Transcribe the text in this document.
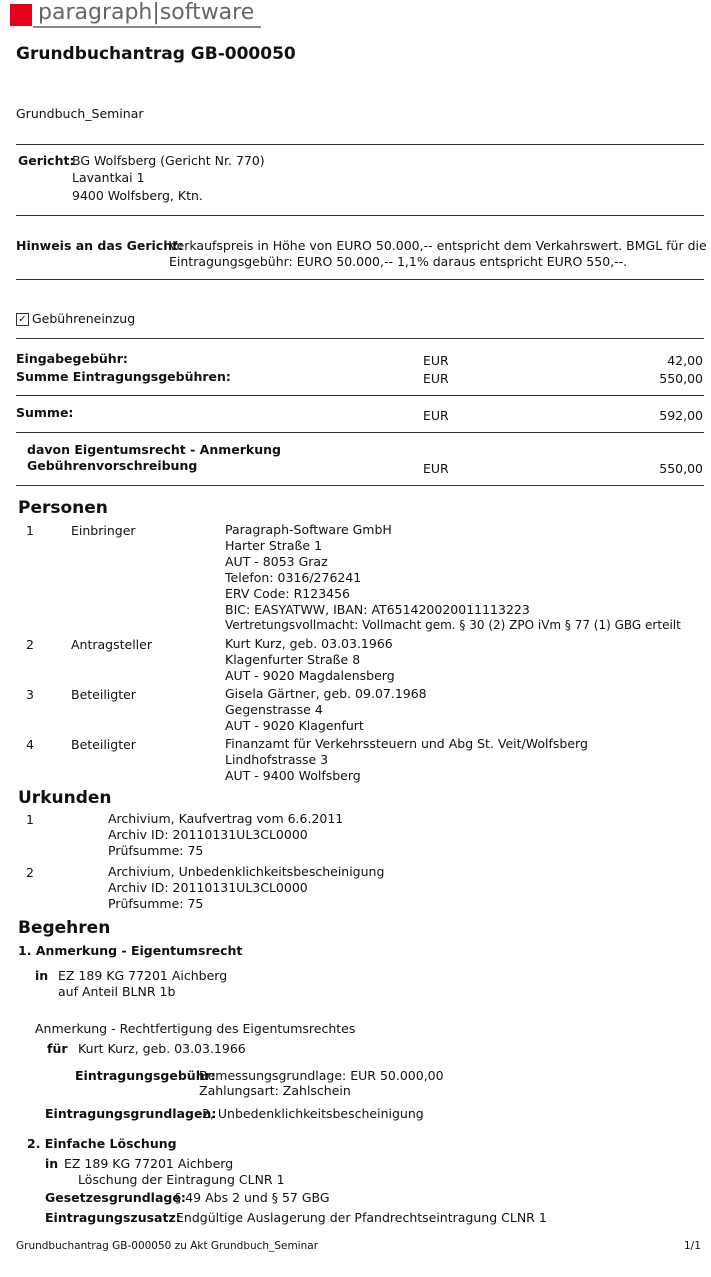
paragraph|software
Grundbuchantrag GB-000050
Grundbuch_Seminar
Gericht:
BG Wolfsberg (Gericht Nr. 770)
Lavantkai 1
9400 Wolfsberg, Ktn.
Hinweis an das Gericht:
Verkaufspreis in Höhe von EURO 50.000,-- entspricht dem Verkahrswert. BMGL für die
Eintragungsgebühr: EURO 50.000,-- 1,1% daraus entspricht EURO 550,--.
✓ Gebühreneinzug
Eingabegebühr:	EUR	42,00
Summe Eintragungsgebühren:	EUR	550,00
Summe:	EUR	592,00
davon Eigentumsrecht - Anmerkung
Gebührenvorschreibung	EUR	550,00
Personen
1	Einbringer	Paragraph-Software GmbH
Harter Straße 1
AUT - 8053 Graz
Telefon: 0316/276241
ERV Code: R123456
BIC: EASYATWW, IBAN: AT651420020011113223
Vertretungsvollmacht: Vollmacht gem. § 30 (2) ZPO iVm § 77 (1) GBG erteilt
2	Antragsteller	Kurt Kurz, geb. 03.03.1966
Klagenfurter Straße 8
AUT - 9020 Magdalensberg
3	Beteiligter	Gisela Gärtner, geb. 09.07.1968
Gegenstrasse 4
AUT - 9020 Klagenfurt
4	Beteiligter	Finanzamt für Verkehrssteuern und Abg St. Veit/Wolfsberg
Lindhofstrasse 3
AUT - 9400 Wolfsberg
Urkunden
1	Archivium, Kaufvertrag vom 6.6.2011
Archiv ID: 20110131UL3CL0000
Prüfsumme: 75
2	Archivium, Unbedenklichkeitsbescheinigung
Archiv ID: 20110131UL3CL0000
Prüfsumme: 75
Begehren
1. Anmerkung - Eigentumsrecht
in EZ 189 KG 77201 Aichberg
auf Anteil BLNR 1b
Anmerkung - Rechtfertigung des Eigentumsrechtes
für Kurt Kurz, geb. 03.03.1966
Eintragungsgebühr:
Bemessungsgrundlage: EUR 50.000,00
Zahlungsart: Zahlschein
Eintragungsgrundlagen:
2, Unbedenklichkeitsbescheinigung
2. Einfache Löschung
in EZ 189 KG 77201 Aichberg
Löschung der Eintragung CLNR 1
Gesetzesgrundlage:
§ 49 Abs 2 und § 57 GBG
Eintragungszusatz:
Endgültige Auslagerung der Pfandrechtseintragung CLNR 1
Grundbuchantrag GB-000050 zu Akt Grundbuch_Seminar	1/1
